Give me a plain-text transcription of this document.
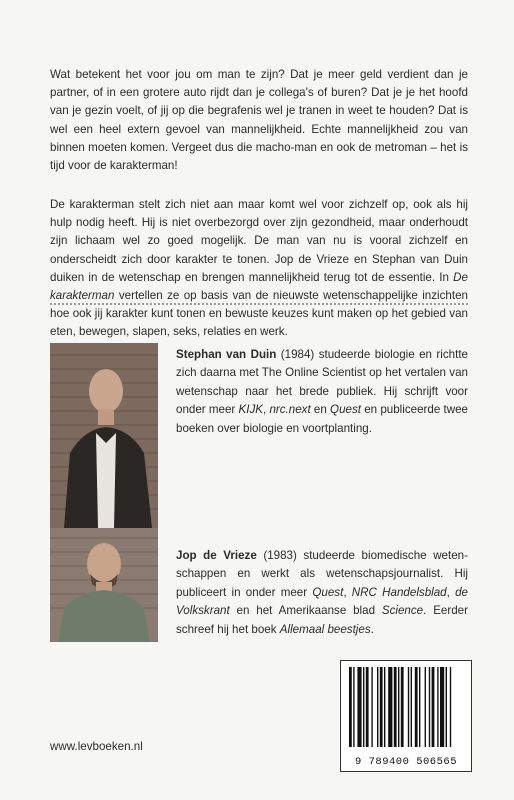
Wat betekent het voor jou om man te zijn? Dat je meer geld verdient dan je partner, of in een grotere auto rijdt dan je collega's of buren? Dat je je het hoofd van je gezin voelt, of jij op die begrafenis wel je tranen in weet te houden? Dat is wel een heel extern gevoel van mannelijkheid. Echte mannelijkheid zou van binnen moeten komen. Vergeet dus die macho-man en ook de metroman – het is tijd voor de karakterman!

De karakterman stelt zich niet aan maar komt wel voor zichzelf op, ook als hij hulp nodig heeft. Hij is niet overbezorgd over zijn gezondheid, maar onderhoudt zijn lichaam wel zo goed mogelijk. De man van nu is vooral zichzelf en onderscheidt zich door karakter te tonen. Jop de Vrieze en Stephan van Duin duiken in de wetenschap en brengen mannelijkheid terug tot de essentie. In De karakterman vertellen ze op basis van de nieuwste wetenschappelijke inzichten hoe ook jij karakter kunt tonen en bewuste keuzes kunt maken op het gebied van eten, bewegen, slapen, seks, relaties en werk.

Stephan van Duin (1984) studeerde biologie en richtte zich daarna met The Online Scientist op het vertalen van wetenschap naar het brede publiek. Hij schrijft voor onder meer KIJK, nrc.next en Quest en publiceerde twee boeken over biologie en voortplanting.

Jop de Vrieze (1983) studeerde biomedische weten-schappen en werkt als wetenschapsjournalist. Hij publiceert in onder meer Quest, NRC Handelsblad, de Volkskrant en het Amerikaanse blad Science. Eerder schreef hij het boek Allemaal beestjes.

9 789400 506565
www.levboeken.nl
